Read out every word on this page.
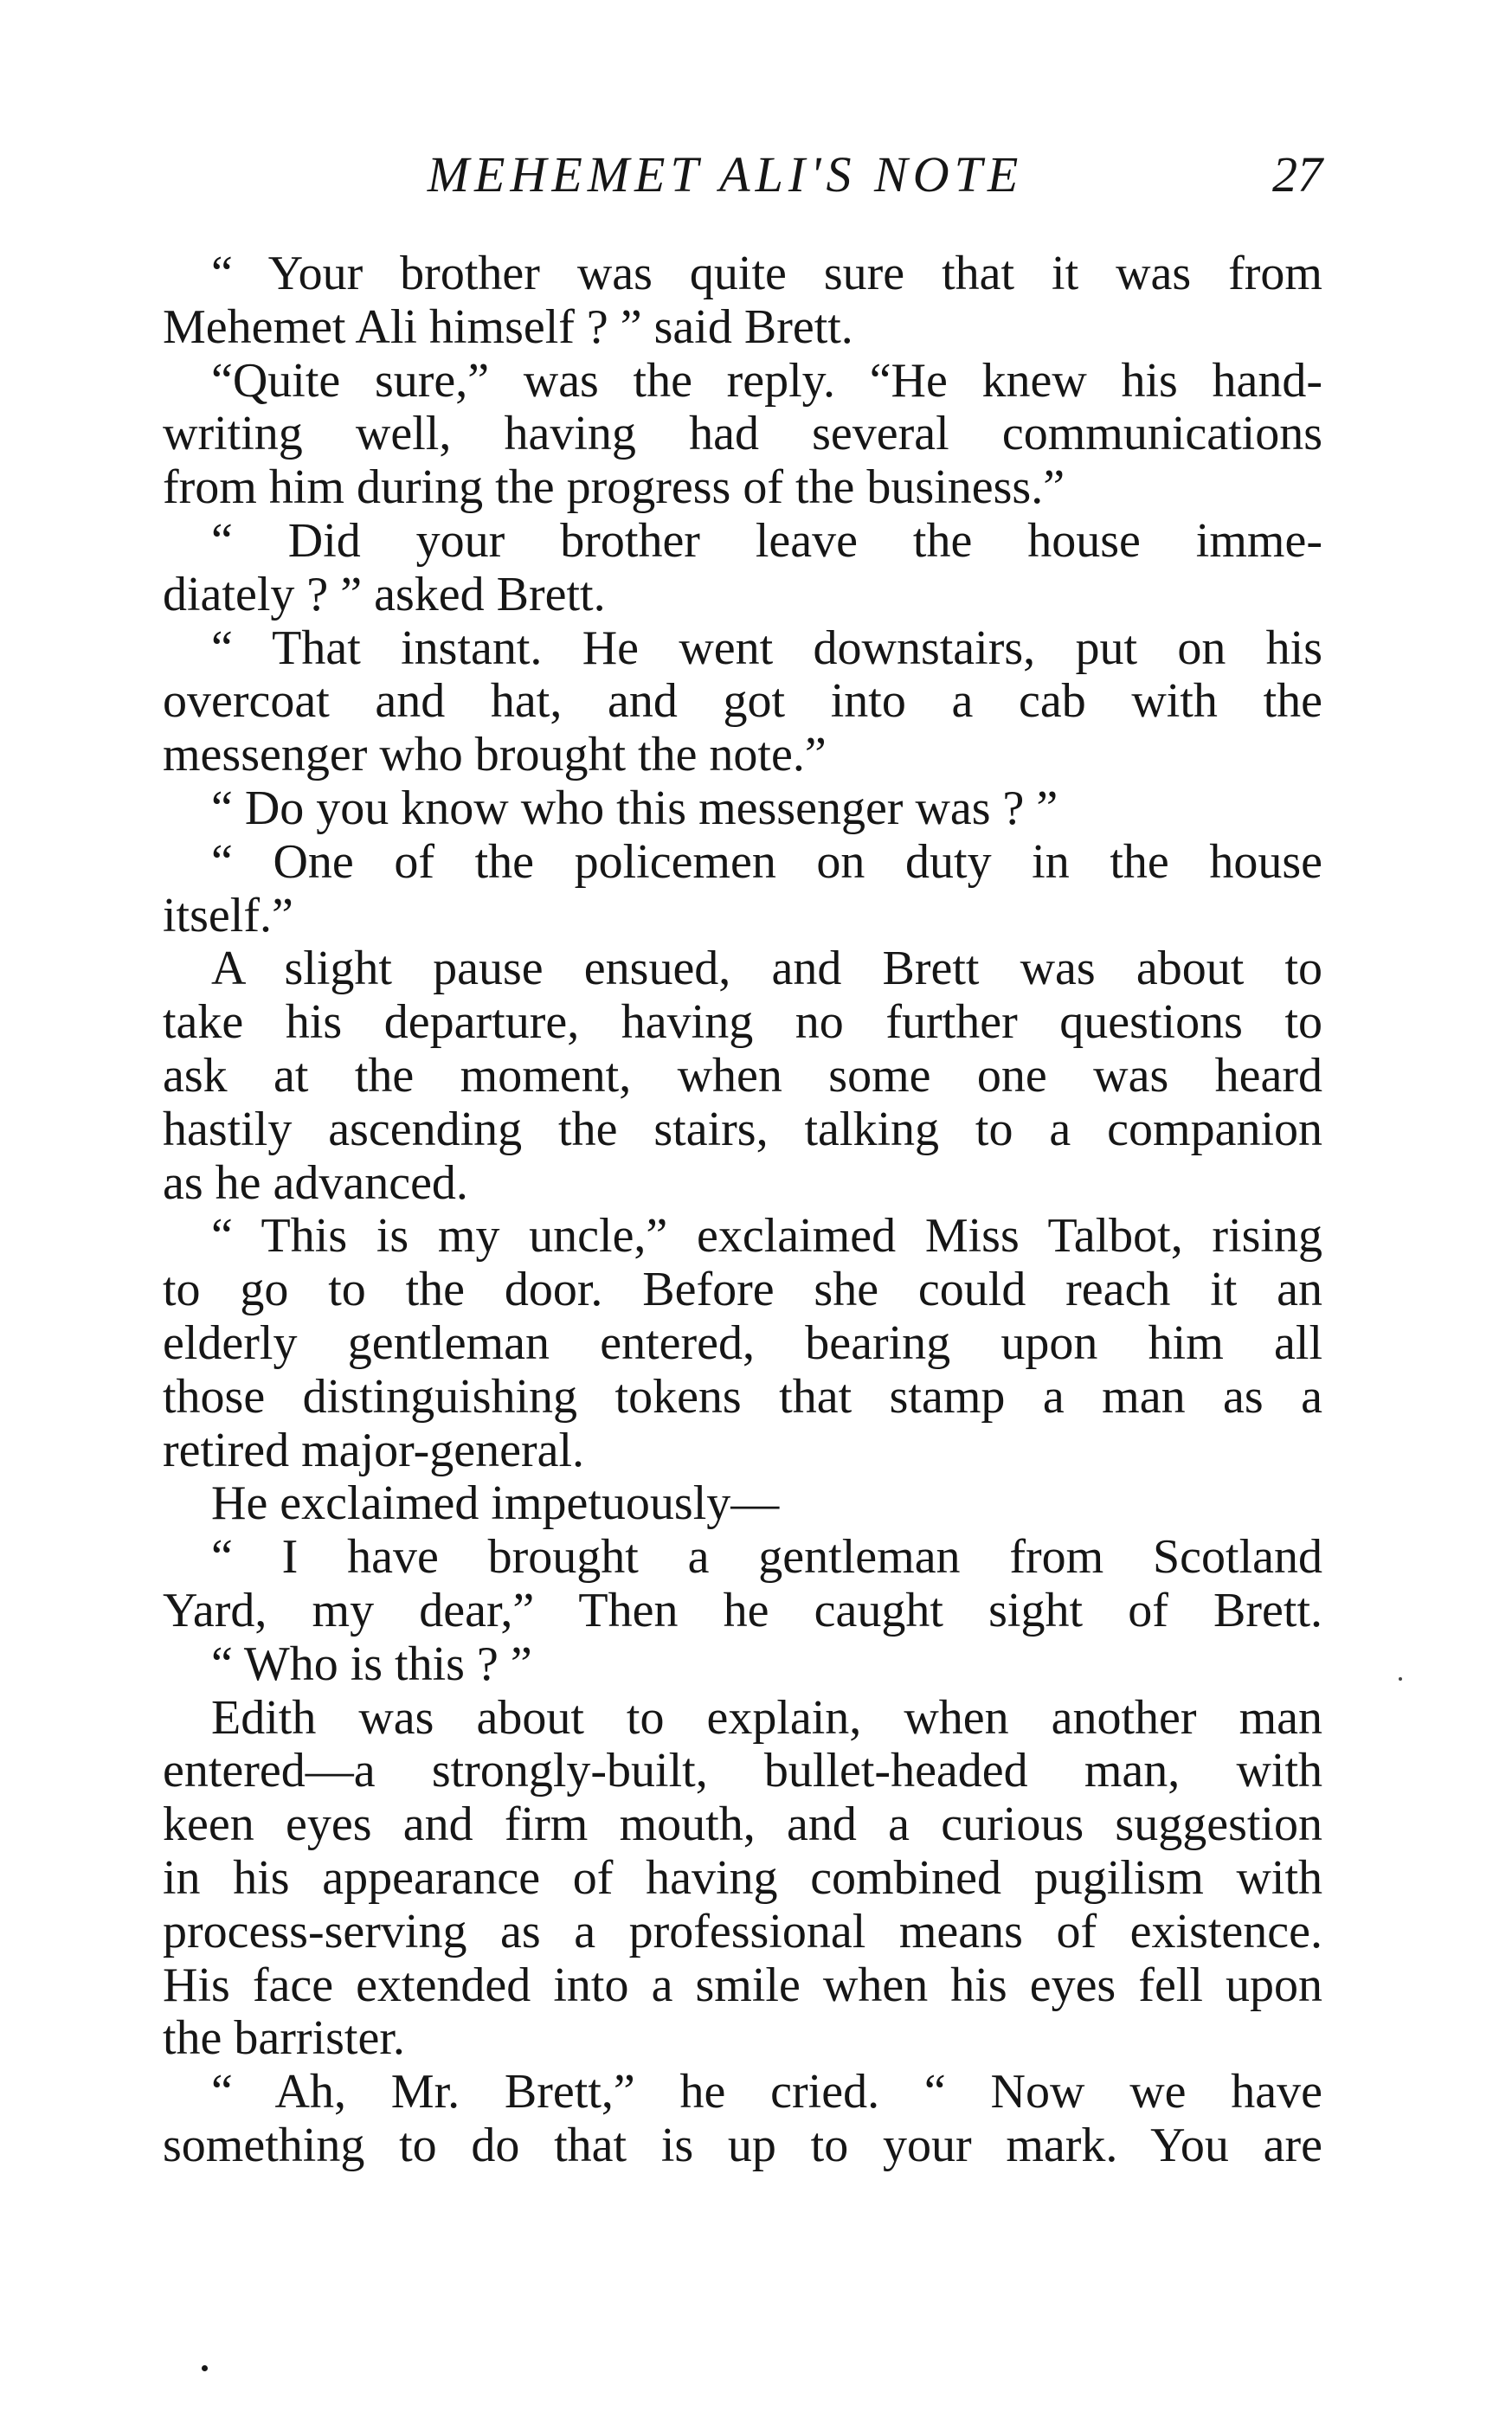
MEHEMET ALI'S NOTE	27
“ Your brother was quite sure that it was from
Mehemet Ali himself ? ” said Brett.
“Quite sure,” was the reply. “He knew his hand-
writing well, having had several communications
from him during the progress of the business.”
“ Did your brother leave the house imme-
diately ? ” asked Brett.
“ That instant. He went downstairs, put on his
overcoat and hat, and got into a cab with the
messenger who brought the note.”
“ Do you know who this messenger was ? ”
“ One of the policemen on duty in the house
itself.”
A slight pause ensued, and Brett was about to
take his departure, having no further questions to
ask at the moment, when some one was heard
hastily ascending the stairs, talking to a companion
as he advanced.
“ This is my uncle,” exclaimed Miss Talbot, rising
to go to the door. Before she could reach it an
elderly gentleman entered, bearing upon him all
those distinguishing tokens that stamp a man as a
retired major-general.
He exclaimed impetuously—
“ I have brought a gentleman from Scotland
Yard, my dear,” Then he caught sight of Brett.
“ Who is this ? ”
Edith was about to explain, when another man
entered—a strongly-built, bullet-headed man, with
keen eyes and firm mouth, and a curious suggestion
in his appearance of having combined pugilism with
process-serving as a professional means of existence.
His face extended into a smile when his eyes fell upon
the barrister.
“ Ah, Mr. Brett,” he cried. “ Now we have
something to do that is up to your mark. You are
